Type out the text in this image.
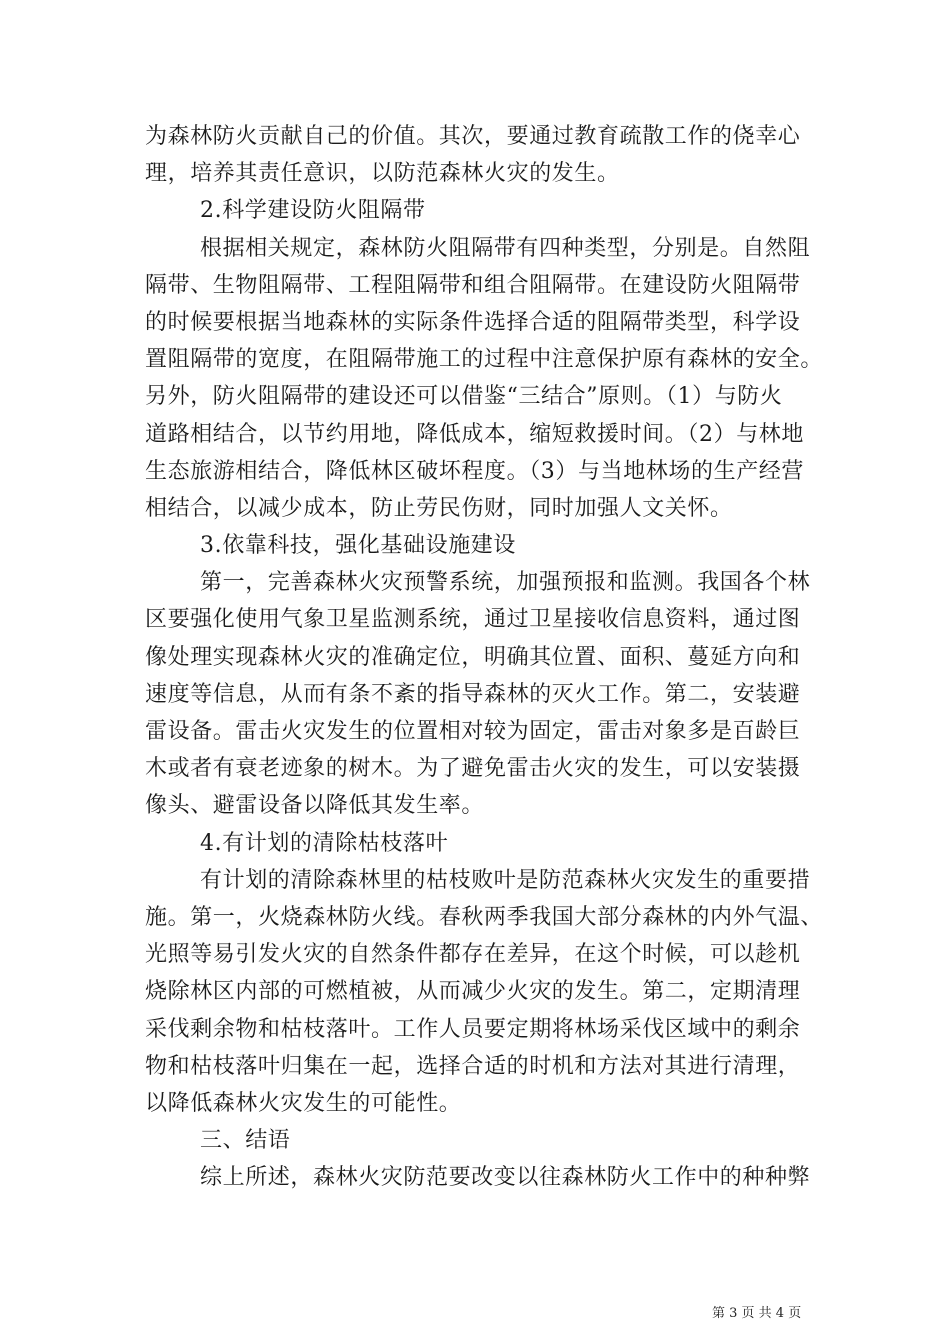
为森林防火贡献自己的价值。其次，要通过教育疏散工作的侥幸心
理，培养其责任意识，以防范森林火灾的发生。
2.科学建设防火阻隔带
根据相关规定，森林防火阻隔带有四种类型，分别是。自然阻
隔带、生物阻隔带、工程阻隔带和组合阻隔带。在建设防火阻隔带
的时候要根据当地森林的实际条件选择合适的阻隔带类型，科学设
置阻隔带的宽度，在阻隔带施工的过程中注意保护原有森林的安全。
另外，防火阻隔带的建设还可以借鉴“三结合”原则。（1）与防火
道路相结合，以节约用地，降低成本，缩短救援时间。（2）与林地
生态旅游相结合，降低林区破坏程度。（3）与当地林场的生产经营
相结合，以减少成本，防止劳民伤财，同时加强人文关怀。
3.依靠科技，强化基础设施建设
第一，完善森林火灾预警系统，加强预报和监测。我国各个林
区要强化使用气象卫星监测系统，通过卫星接收信息资料，通过图
像处理实现森林火灾的准确定位，明确其位置、面积、蔓延方向和
速度等信息，从而有条不紊的指导森林的灭火工作。第二，安装避
雷设备。雷击火灾发生的位置相对较为固定，雷击对象多是百龄巨
木或者有衰老迹象的树木。为了避免雷击火灾的发生，可以安装摄
像头、避雷设备以降低其发生率。
4.有计划的清除枯枝落叶
有计划的清除森林里的枯枝败叶是防范森林火灾发生的重要措
施。第一，火烧森林防火线。春秋两季我国大部分森林的内外气温、
光照等易引发火灾的自然条件都存在差异，在这个时候，可以趁机
烧除林区内部的可燃植被，从而减少火灾的发生。第二，定期清理
采伐剩余物和枯枝落叶。工作人员要定期将林场采伐区域中的剩余
物和枯枝落叶归集在一起，选择合适的时机和方法对其进行清理，
以降低森林火灾发生的可能性。
三、结语
综上所述，森林火灾防范要改变以往森林防火工作中的种种弊
第 3 页 共 4 页
